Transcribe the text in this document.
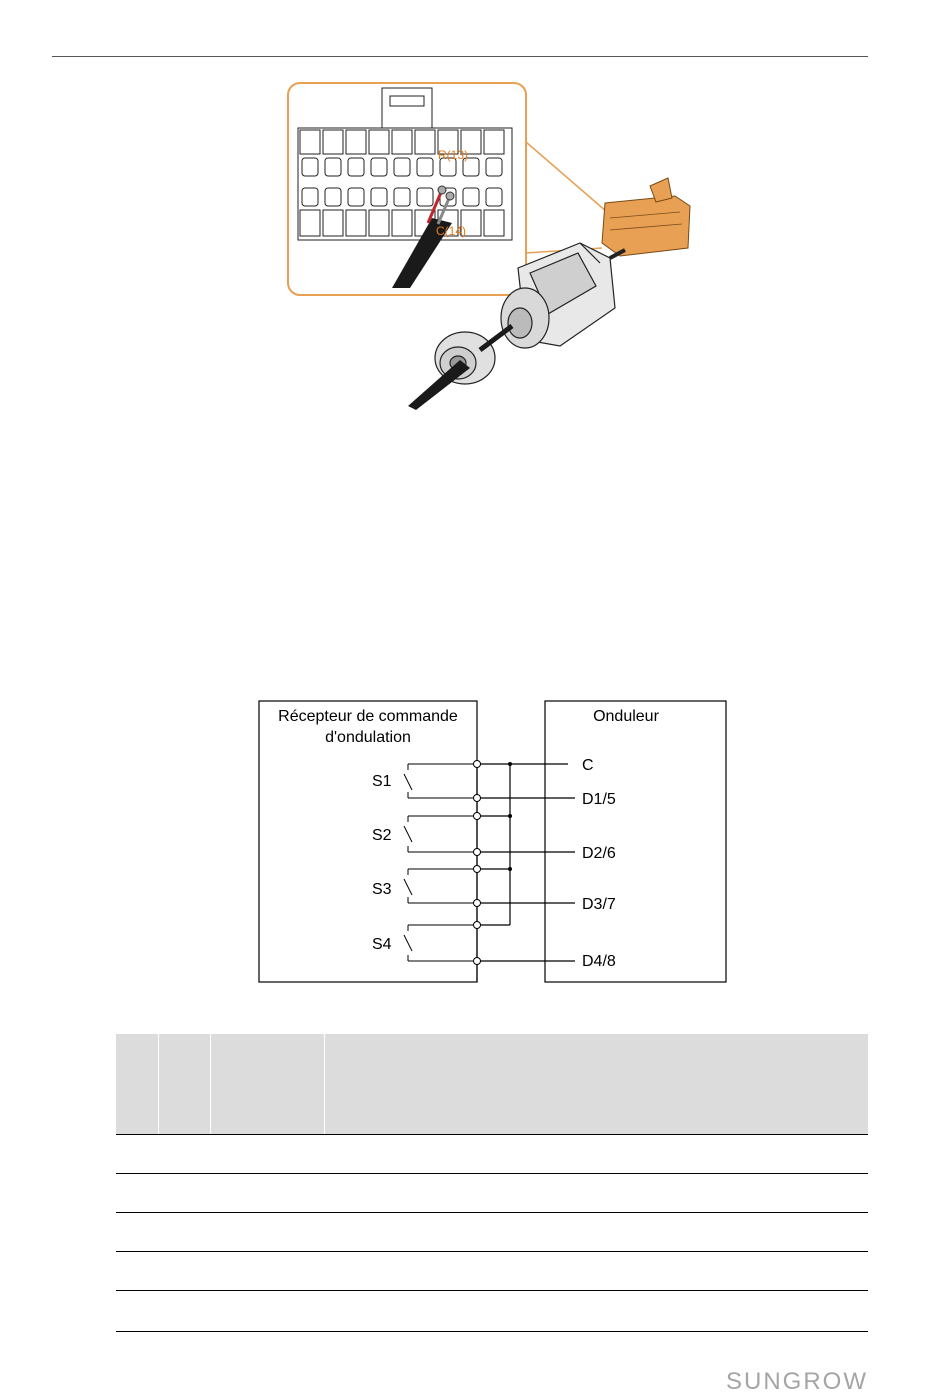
R(13)
C(14)
Récepteur de commande
d'ondulation
Onduleur
S1
S2
S3
S4
C
D1/5
D2/6
D3/7
D4/8

SUNGROW
